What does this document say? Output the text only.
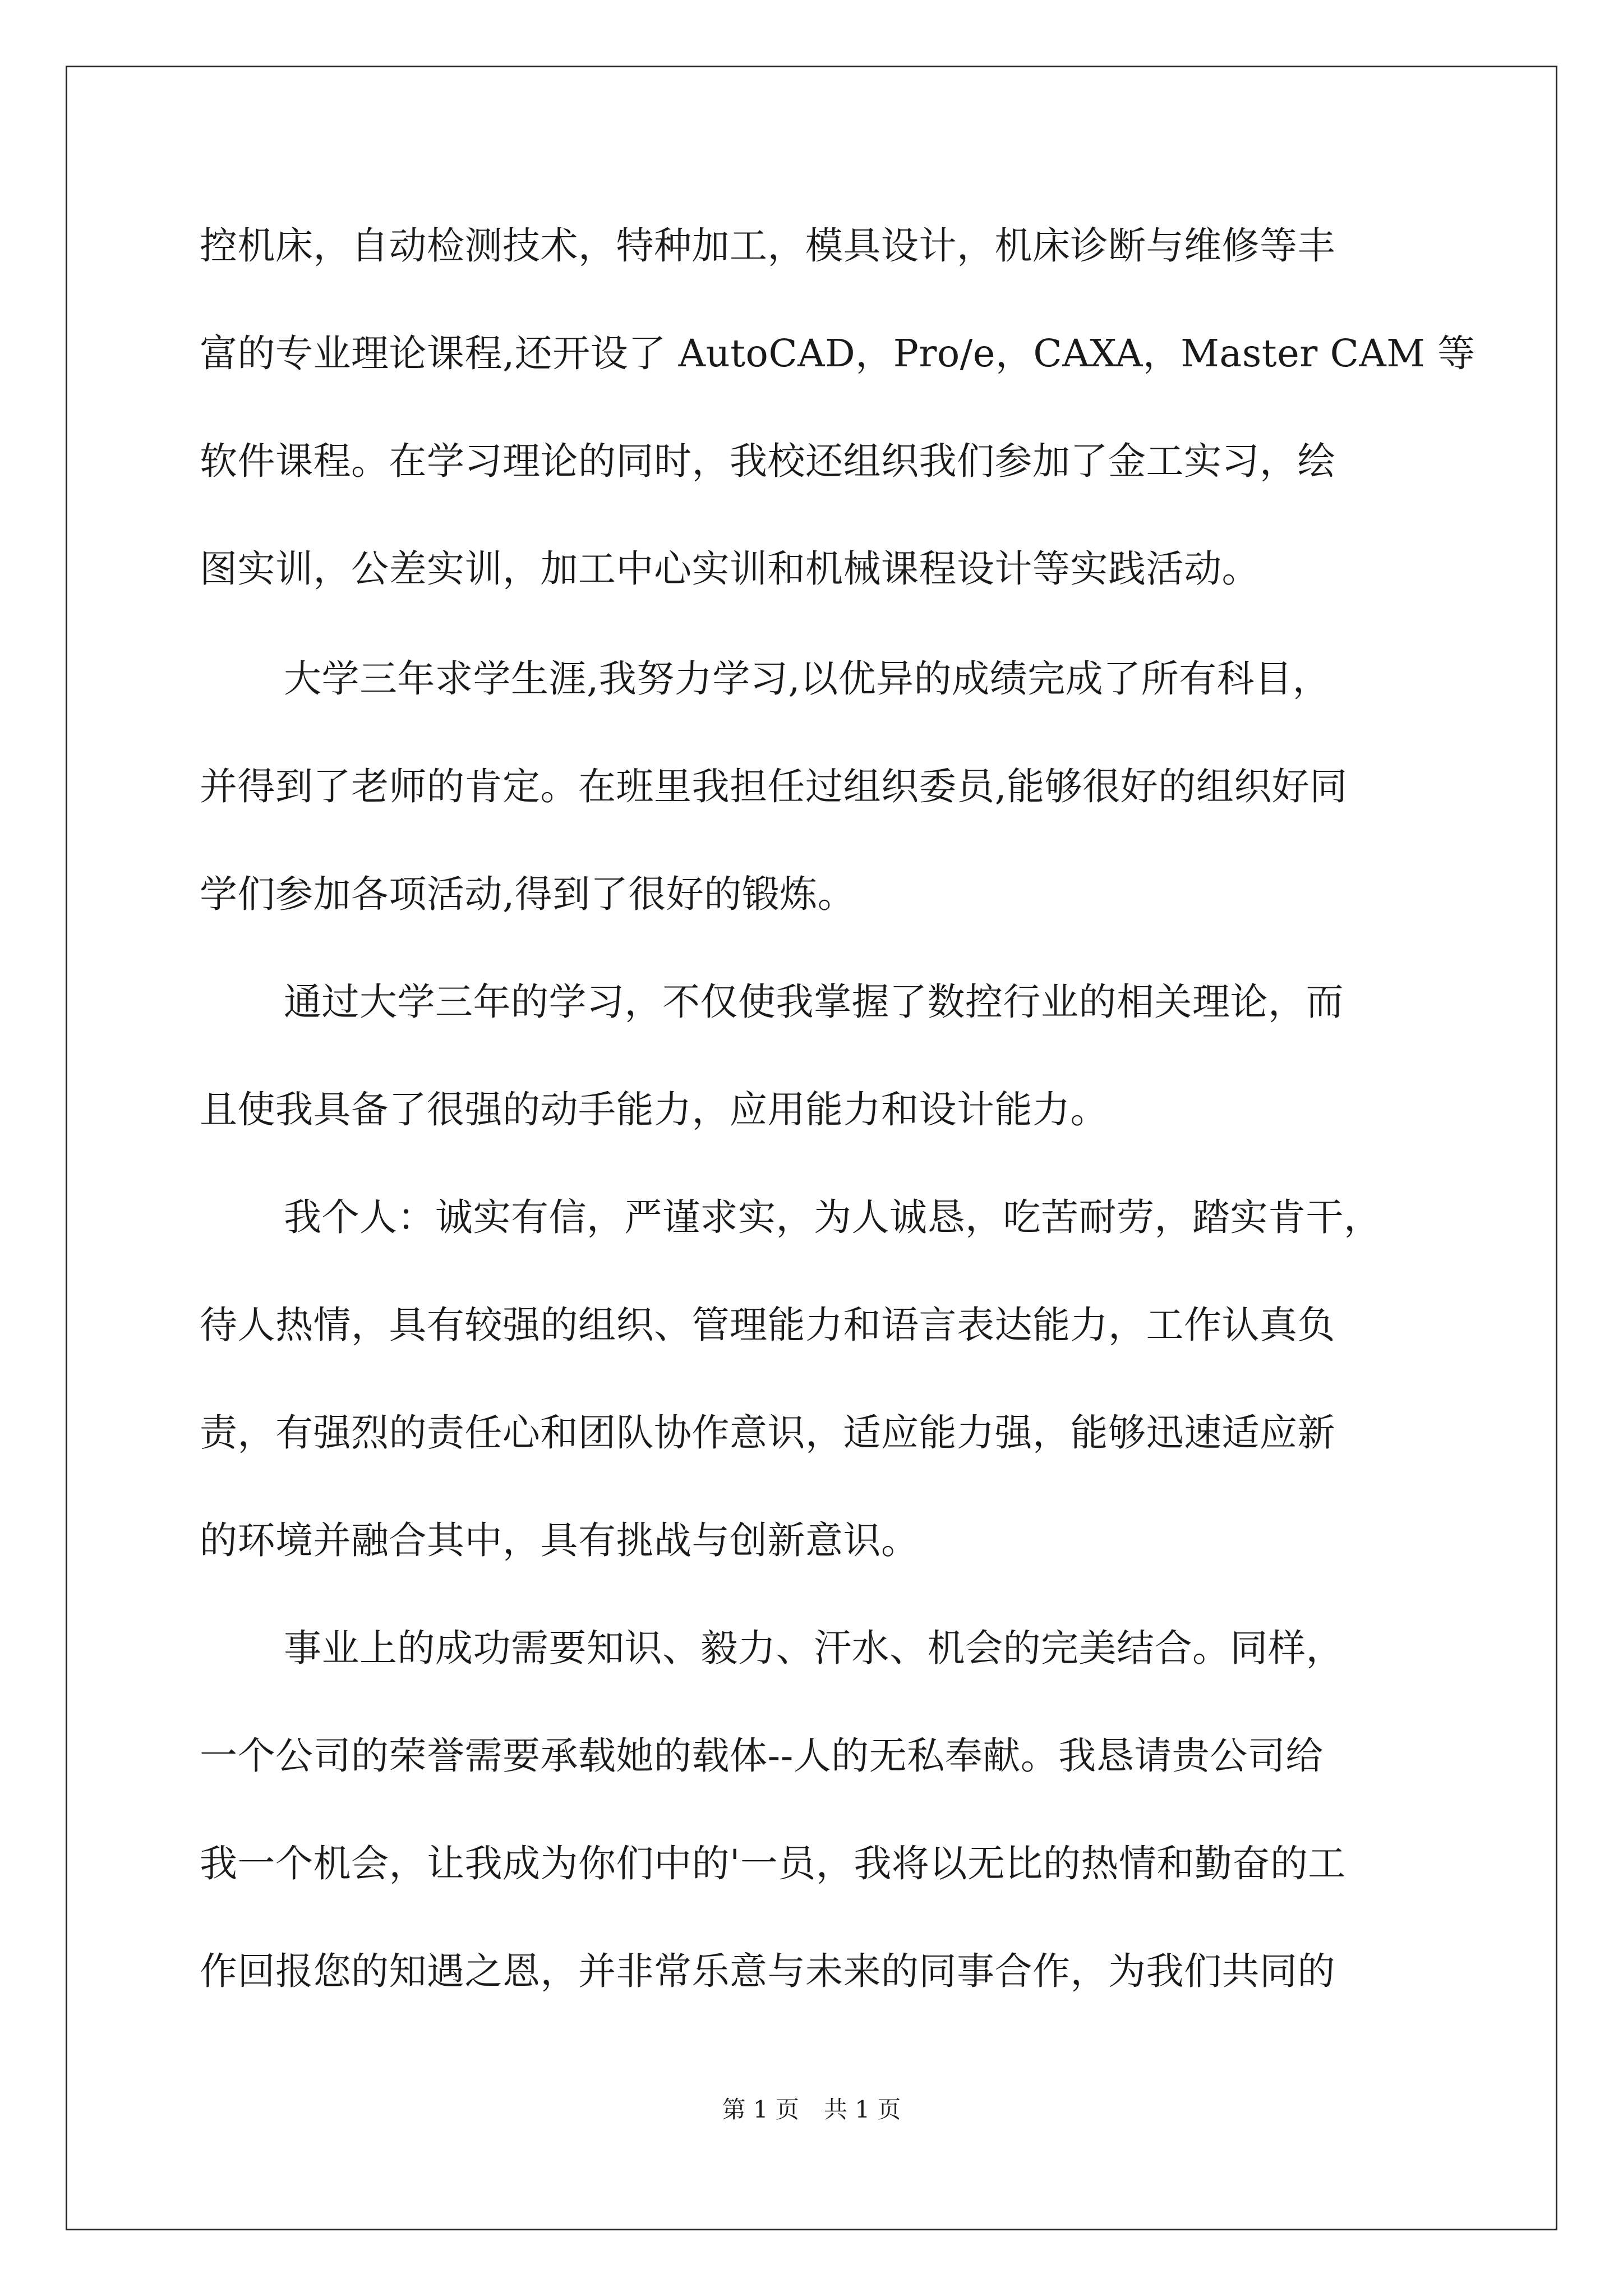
控机床，自动检测技术，特种加工，模具设计，机床诊断与维修等丰
富的专业理论课程,还开设了 AutoCAD，Pro/e，CAXA，Master CAM 等
软件课程。在学习理论的同时，我校还组织我们参加了金工实习，绘
图实训，公差实训，加工中心实训和机械课程设计等实践活动。
大学三年求学生涯,我努力学习,以优异的成绩完成了所有科目，
并得到了老师的肯定。在班里我担任过组织委员,能够很好的组织好同
学们参加各项活动,得到了很好的锻炼。
通过大学三年的学习，不仅使我掌握了数控行业的相关理论，而
且使我具备了很强的动手能力，应用能力和设计能力。
我个人：诚实有信，严谨求实，为人诚恳，吃苦耐劳，踏实肯干，
待人热情，具有较强的组织、管理能力和语言表达能力，工作认真负
责，有强烈的责任心和团队协作意识，适应能力强，能够迅速适应新
的环境并融合其中，具有挑战与创新意识。
事业上的成功需要知识、毅力、汗水、机会的完美结合。同样，
一个公司的荣誉需要承载她的载体--人的无私奉献。我恳请贵公司给
我一个机会，让我成为你们中的'一员，我将以无比的热情和勤奋的工
作回报您的知遇之恩，并非常乐意与未来的同事合作，为我们共同的
第 1 页 共 1 页
